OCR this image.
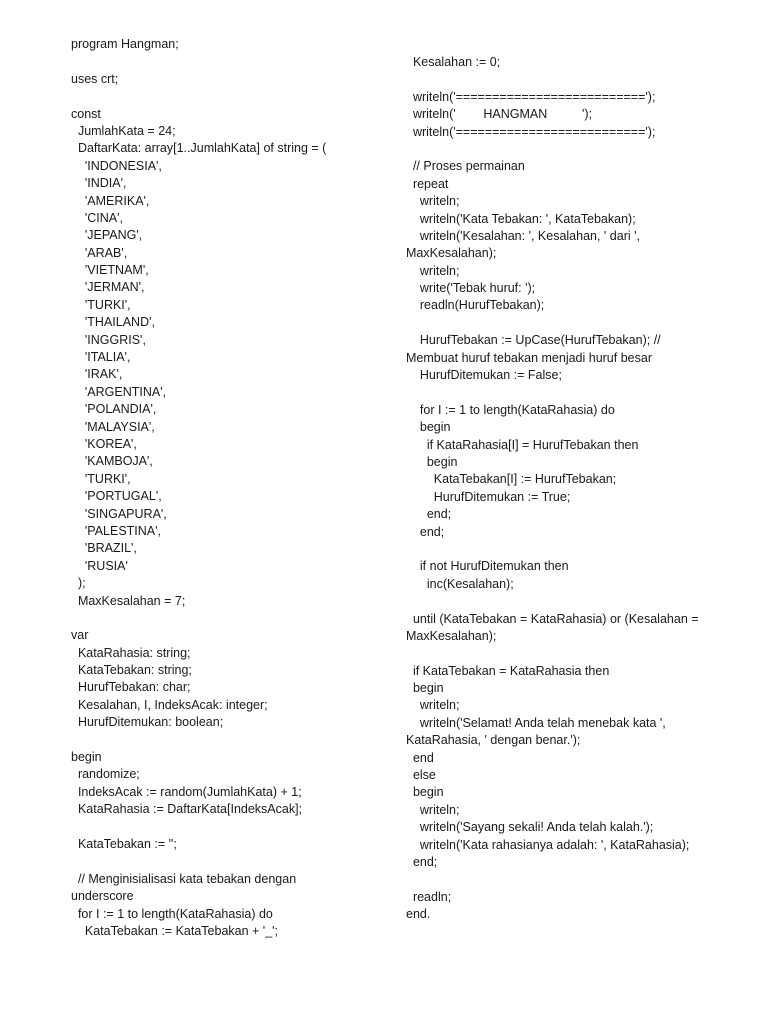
program Hangman;
uses crt;
const
JumlahKata = 24;
DaftarKata: array[1..JumlahKata] of string = (
'INDONESIA',
'INDIA',
'AMERIKA',
'CINA',
'JEPANG',
'ARAB',
'VIETNAM',
'JERMAN',
'TURKI',
'THAILAND',
'INGGRIS',
'ITALIA',
'IRAK',
'ARGENTINA',
'POLANDIA',
'MALAYSIA',
'KOREA',
'KAMBOJA',
'TURKI',
'PORTUGAL',
'SINGAPURA',
'PALESTINA',
'BRAZIL',
'RUSIA'
);
MaxKesalahan = 7;
var
KataRahasia: string;
KataTebakan: string;
HurufTebakan: char;
Kesalahan, I, IndeksAcak: integer;
HurufDitemukan: boolean;
begin
randomize;
IndeksAcak := random(JumlahKata) + 1;
KataRahasia := DaftarKata[IndeksAcak];
KataTebakan := '';
// Menginisialisasi kata tebakan dengan
underscore
for I := 1 to length(KataRahasia) do
KataTebakan := KataTebakan + '_';
Kesalahan := 0;
writeln('==========================');
writeln('        HANGMAN          ');
writeln('==========================');
// Proses permainan
repeat
writeln;
writeln('Kata Tebakan: ', KataTebakan);
writeln('Kesalahan: ', Kesalahan, ' dari ',
MaxKesalahan);
writeln;
write('Tebak huruf: ');
readln(HurufTebakan);
HurufTebakan := UpCase(HurufTebakan); //
Membuat huruf tebakan menjadi huruf besar
HurufDitemukan := False;
for I := 1 to length(KataRahasia) do
begin
if KataRahasia[I] = HurufTebakan then
begin
KataTebakan[I] := HurufTebakan;
HurufDitemukan := True;
end;
end;
if not HurufDitemukan then
inc(Kesalahan);
until (KataTebakan = KataRahasia) or (Kesalahan =
MaxKesalahan);
if KataTebakan = KataRahasia then
begin
writeln;
writeln('Selamat! Anda telah menebak kata ',
KataRahasia, ' dengan benar.');
end
else
begin
writeln;
writeln('Sayang sekali! Anda telah kalah.');
writeln('Kata rahasianya adalah: ', KataRahasia);
end;
readln;
end.
